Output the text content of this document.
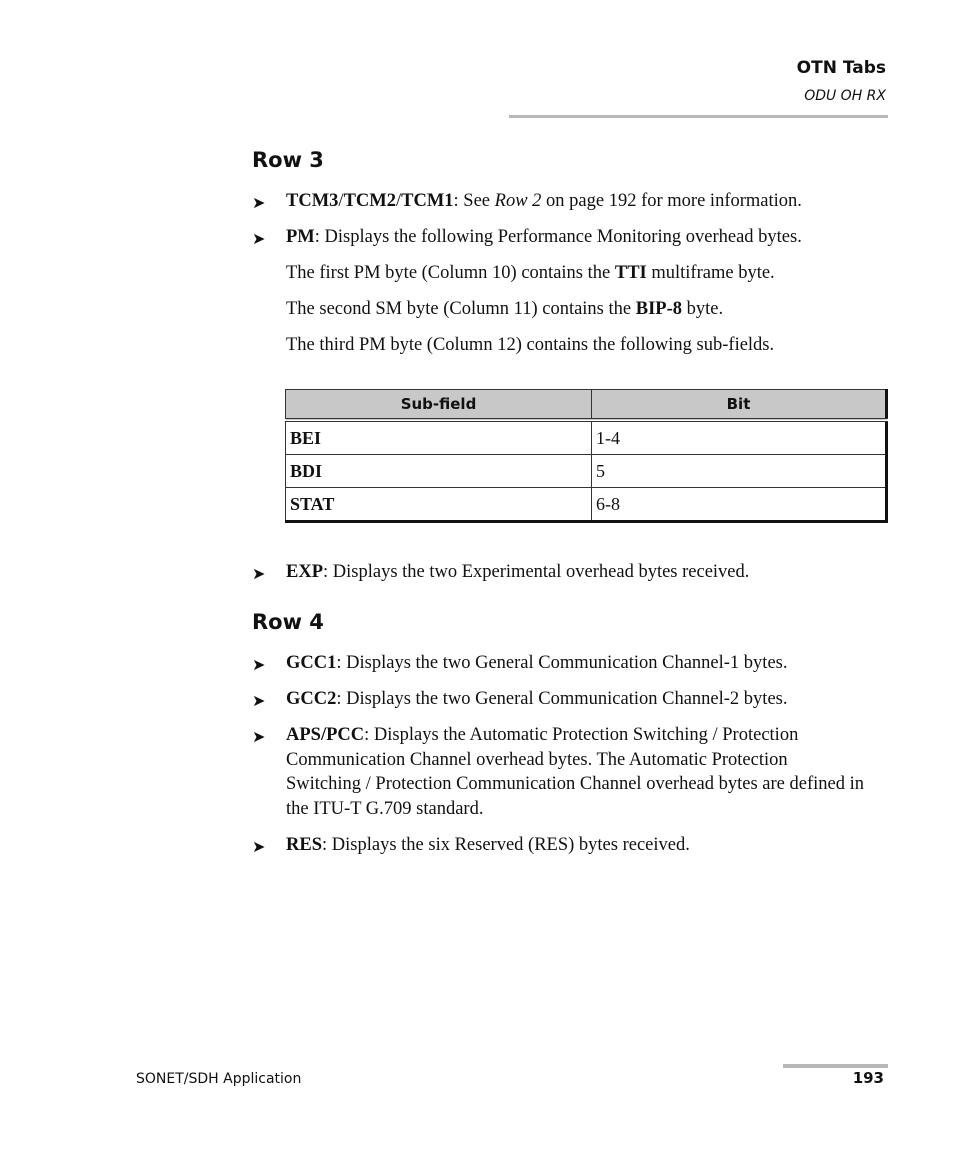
OTN Tabs
ODU OH RX
Row 3
➤	TCM3/TCM2/TCM1: See Row 2 on page 192 for more information.
➤	PM: Displays the following Performance Monitoring overhead bytes.
The first PM byte (Column 10) contains the TTI multiframe byte.
The second SM byte (Column 11) contains the BIP-8 byte.
The third PM byte (Column 12) contains the following sub-fields.
Sub-field	Bit
BEI	1-4
BDI	5
STAT	6-8
➤	EXP: Displays the two Experimental overhead bytes received.
Row 4
➤	GCC1: Displays the two General Communication Channel-1 bytes.
➤	GCC2: Displays the two General Communication Channel-2 bytes.
➤	APS/PCC: Displays the Automatic Protection Switching / Protection Communication Channel overhead bytes. The Automatic Protection Switching / Protection Communication Channel overhead bytes are defined in the ITU-T G.709 standard.
➤	RES: Displays the six Reserved (RES) bytes received.
SONET/SDH Application	193
